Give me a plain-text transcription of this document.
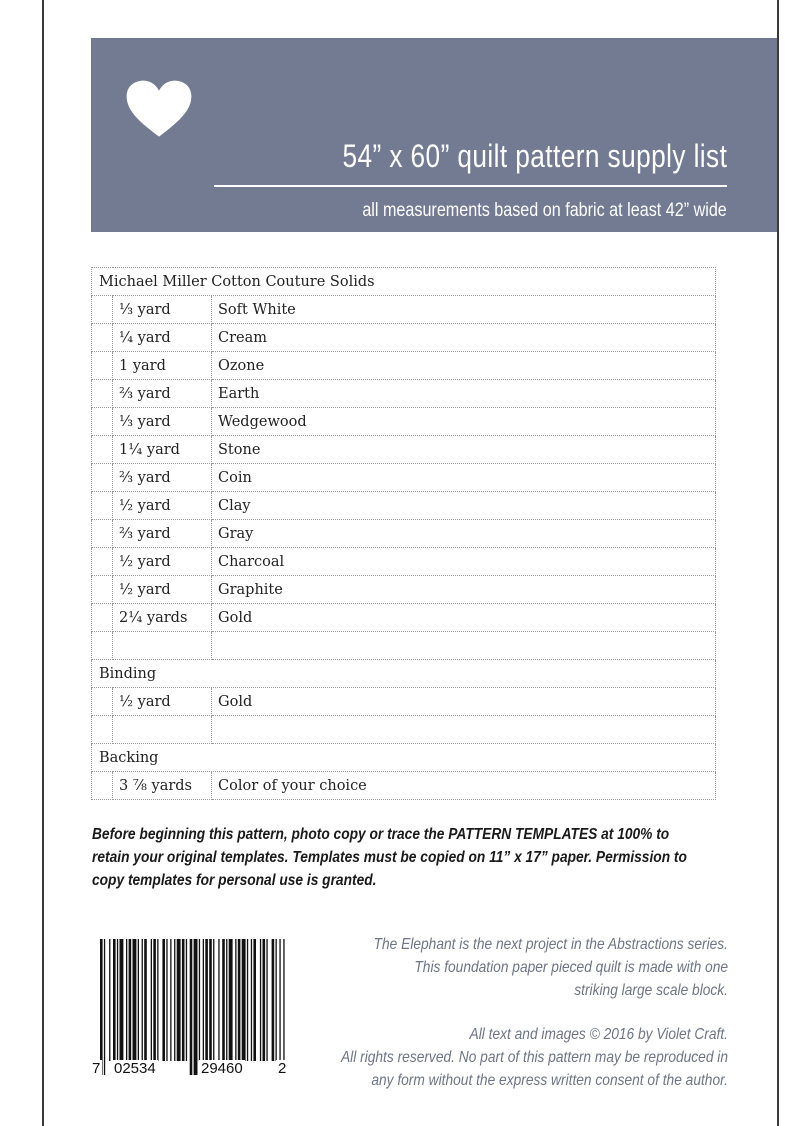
54” x 60” quilt pattern supply list
all measurements based on fabric at least 42” wide
Michael Miller Cotton Couture Solids		
	⅓ yard	Soft White
	¼ yard	Cream
	1 yard	Ozone
	⅔ yard	Earth
	⅓ yard	Wedgewood
	1¼ yard	Stone
	⅔ yard	Coin
	½ yard	Clay
	⅔ yard	Gray
	½ yard	Charcoal
	½ yard	Graphite
	2¼ yards	Gold

Binding		
	½ yard	Gold

Backing		
	3 ⅞ yards	Color of your choice
Before beginning this pattern, photo copy or trace the PATTERN TEMPLATES at 100% to
retain your original templates. Templates must be copied on 11” x 17” paper. Permission to
copy templates for personal use is granted.
7 02534	29460 2
The Elephant is the next project in the Abstractions series.
This foundation paper pieced quilt is made with one
striking large scale block.
All text and images © 2016 by Violet Craft.
All rights reserved. No part of this pattern may be reproduced in
any form without the express written consent of the author.
